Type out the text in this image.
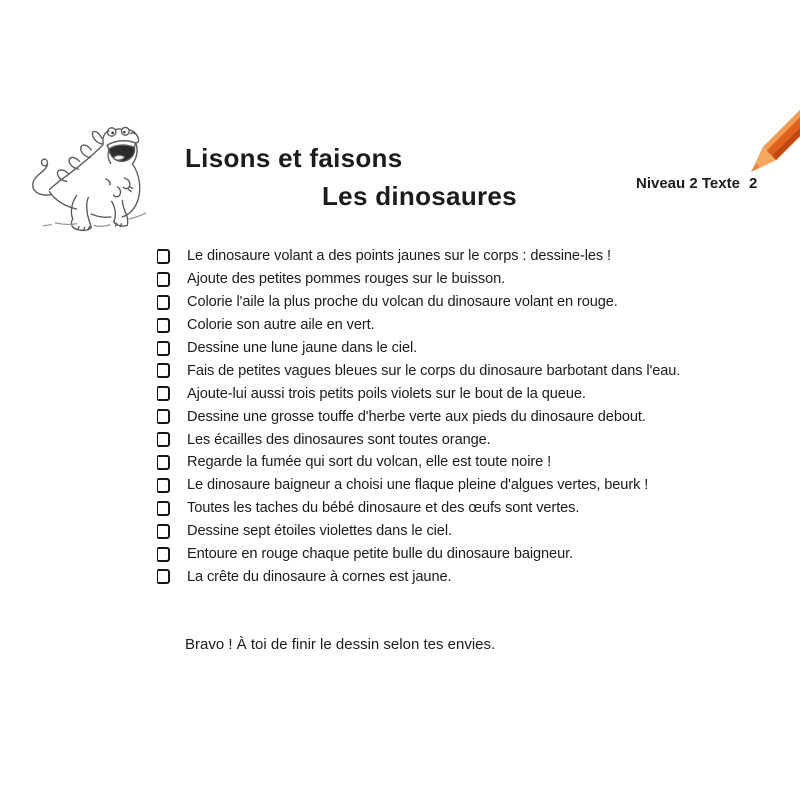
Lisons et faisons
Les dinosaures	Niveau 2 Texte 2
Le dinosaure volant a des points jaunes sur le corps : dessine-les !
Ajoute des petites pommes rouges sur le buisson.
Colorie l'aile la plus proche du volcan du dinosaure volant en rouge.
Colorie son autre aile en vert.
Dessine une lune jaune dans le ciel.
Fais de petites vagues bleues sur le corps du dinosaure barbotant dans l'eau.
Ajoute-lui aussi trois petits poils violets sur le bout de la queue.
Dessine une grosse touffe d'herbe verte aux pieds du dinosaure debout.
Les écailles des dinosaures sont toutes orange.
Regarde la fumée qui sort du volcan, elle est toute noire !
Le dinosaure baigneur a choisi une flaque pleine d'algues vertes, beurk !
Toutes les taches du bébé dinosaure et des œufs sont vertes.
Dessine sept étoiles violettes dans le ciel.
Entoure en rouge chaque petite bulle du dinosaure baigneur.
La crête du dinosaure à cornes est jaune.
Bravo ! À toi de finir le dessin selon tes envies.
